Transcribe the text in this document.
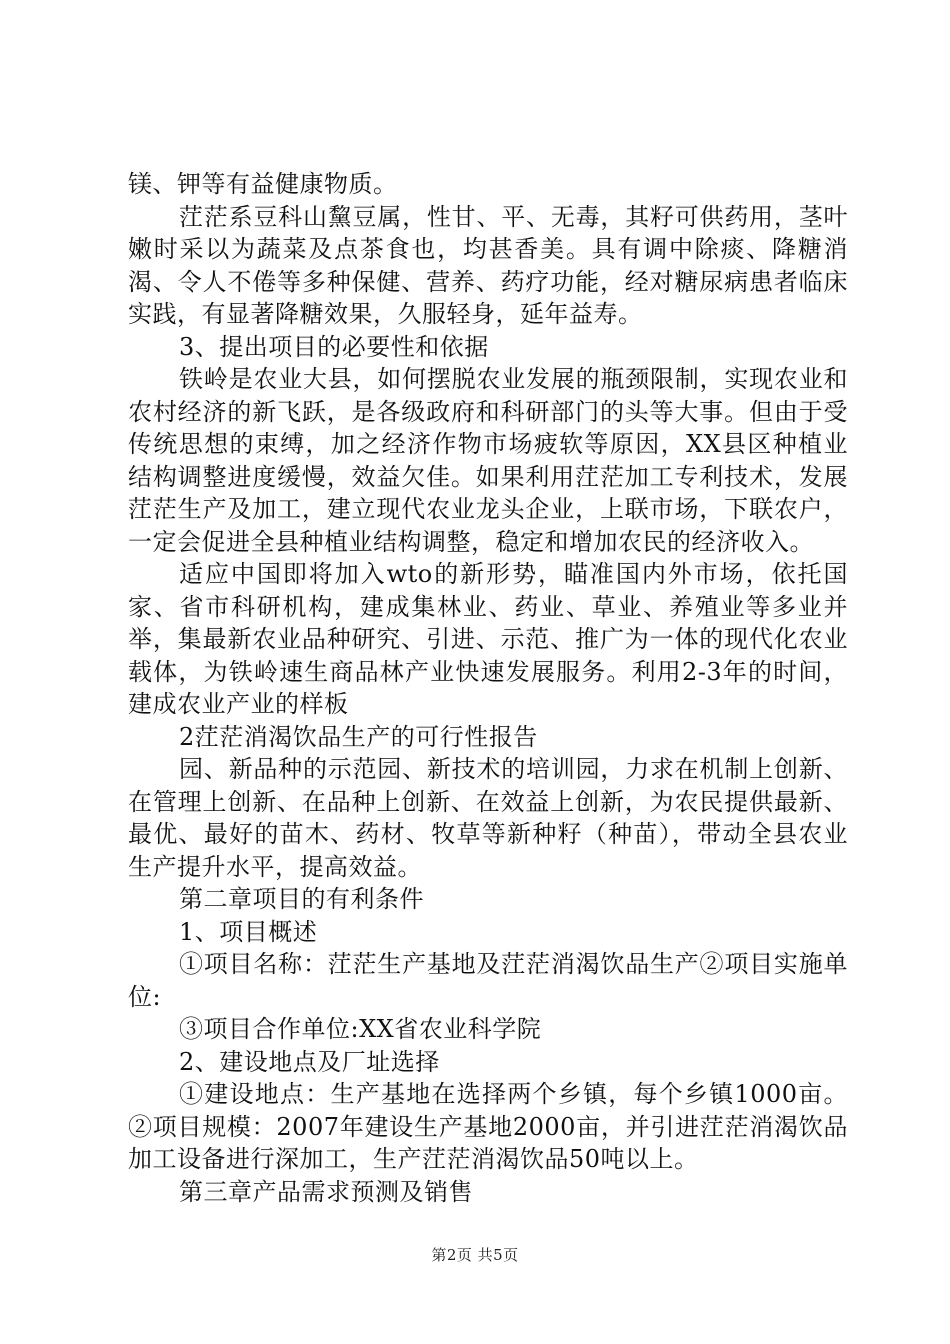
镁、钾等有益健康物质。

茳茫系豆科山黧豆属，性甘、平、无毒，其籽可供药用，茎叶嫩时采以为蔬菜及点茶食也，均甚香美。具有调中除痰、降糖消渴、令人不倦等多种保健、营养、药疗功能，经对糖尿病患者临床实践，有显著降糖效果，久服轻身，延年益寿。

3、提出项目的必要性和依据

铁岭是农业大县，如何摆脱农业发展的瓶颈限制，实现农业和农村经济的新飞跃，是各级政府和科研部门的头等大事。但由于受传统思想的束缚，加之经济作物市场疲软等原因，XX县区种植业结构调整进度缓慢，效益欠佳。如果利用茳茫加工专利技术，发展茳茫生产及加工，建立现代农业龙头企业，上联市场，下联农户，一定会促进全县种植业结构调整，稳定和增加农民的经济收入。

适应中国即将加入wto的新形势，瞄准国内外市场，依托国家、省市科研机构，建成集林业、药业、草业、养殖业等多业并举，集最新农业品种研究、引进、示范、推广为一体的现代化农业载体，为铁岭速生商品林产业快速发展服务。利用2-3年的时间，建成农业产业的样板

2茳茫消渴饮品生产的可行性报告

园、新品种的示范园、新技术的培训园，力求在机制上创新、在管理上创新、在品种上创新、在效益上创新，为农民提供最新、最优、最好的苗木、药材、牧草等新种籽（种苗），带动全县农业生产提升水平，提高效益。

第二章项目的有利条件

1、项目概述

①项目名称：茳茫生产基地及茳茫消渴饮品生产②项目实施单位:

③项目合作单位:XX省农业科学院

2、建设地点及厂址选择

①建设地点：生产基地在选择两个乡镇，每个乡镇1000亩。②项目规模：2007年建设生产基地2000亩，并引进茳茫消渴饮品加工设备进行深加工，生产茳茫消渴饮品50吨以上。

第三章产品需求预测及销售

第2页 共5页
